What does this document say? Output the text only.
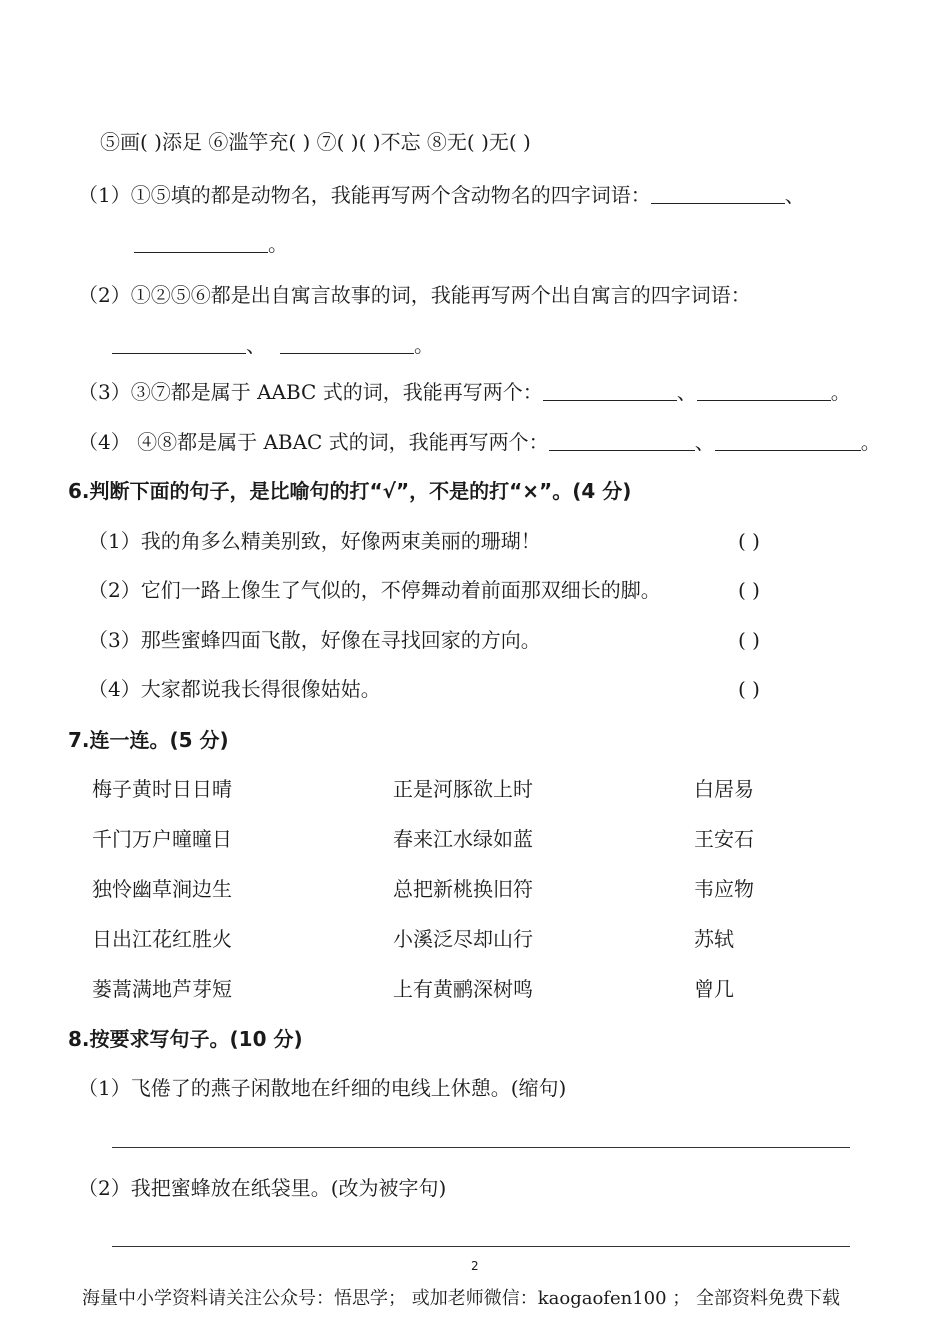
⑤画( )添足 ⑥滥竽充( ) ⑦( )( )不忘 ⑧无( )无( )
（1）①⑤填的都是动物名，我能再写两个含动物名的四字词语：	、
。
（2）①②⑤⑥都是出自寓言故事的词，我能再写两个出自寓言的四字词语：
、	。
（3）③⑦都是属于 AABC 式的词，我能再写两个：	、	。
（4） ④⑧都是属于 ABAC 式的词，我能再写两个：	、	。
6.判断下面的句子，是比喻句的打“√”，不是的打“×”。(4 分)
（1）我的角多么精美别致，好像两束美丽的珊瑚！	( )
（2）它们一路上像生了气似的，不停舞动着前面那双细长的脚。	( )
（3）那些蜜蜂四面飞散，好像在寻找回家的方向。	( )
（4）大家都说我长得很像姑姑。	( )
7.连一连。(5 分)
梅子黄时日日晴	正是河豚欲上时	白居易
千门万户曈曈日	春来江水绿如蓝	王安石
独怜幽草涧边生	总把新桃换旧符	韦应物
日出江花红胜火	小溪泛尽却山行	苏轼
蒌蒿满地芦芽短	上有黄鹂深树鸣	曾几
8.按要求写句子。(10 分)
（1）飞倦了的燕子闲散地在纤细的电线上休憩。(缩句)
（2）我把蜜蜂放在纸袋里。(改为被字句)
2
海量中小学资料请关注公众号：悟思学； 或加老师微信：kaogaofen100 ； 全部资料免费下载
